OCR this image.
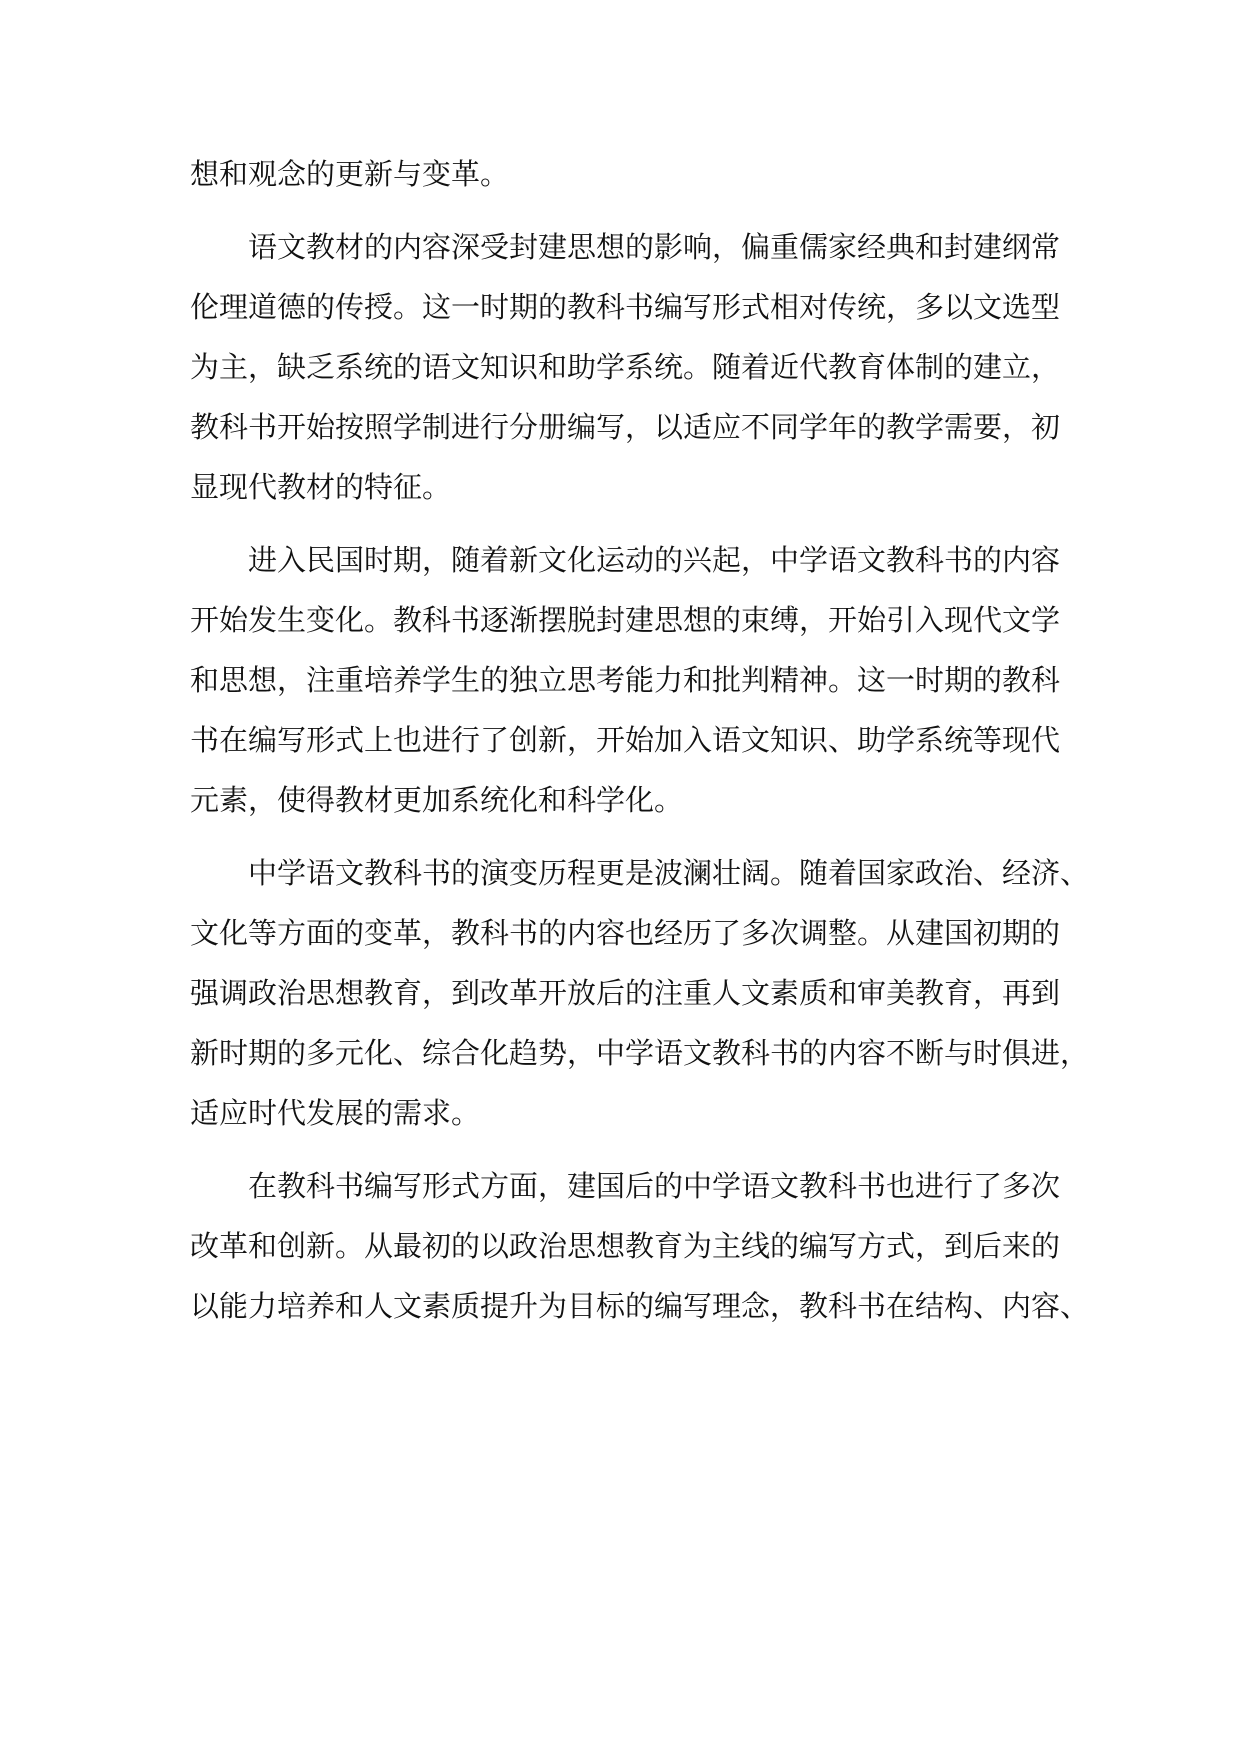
想和观念的更新与变革。
语文教材的内容深受封建思想的影响，偏重儒家经典和封建纲常
伦理道德的传授。这一时期的教科书编写形式相对传统，多以文选型
为主，缺乏系统的语文知识和助学系统。随着近代教育体制的建立，
教科书开始按照学制进行分册编写，以适应不同学年的教学需要，初
显现代教材的特征。
进入民国时期，随着新文化运动的兴起，中学语文教科书的内容
开始发生变化。教科书逐渐摆脱封建思想的束缚，开始引入现代文学
和思想，注重培养学生的独立思考能力和批判精神。这一时期的教科
书在编写形式上也进行了创新，开始加入语文知识、助学系统等现代
元素，使得教材更加系统化和科学化。
中学语文教科书的演变历程更是波澜壮阔。随着国家政治、经济、
文化等方面的变革，教科书的内容也经历了多次调整。从建国初期的
强调政治思想教育，到改革开放后的注重人文素质和审美教育，再到
新时期的多元化、综合化趋势，中学语文教科书的内容不断与时俱进，
适应时代发展的需求。
在教科书编写形式方面，建国后的中学语文教科书也进行了多次
改革和创新。从最初的以政治思想教育为主线的编写方式，到后来的
以能力培养和人文素质提升为目标的编写理念，教科书在结构、内容、
